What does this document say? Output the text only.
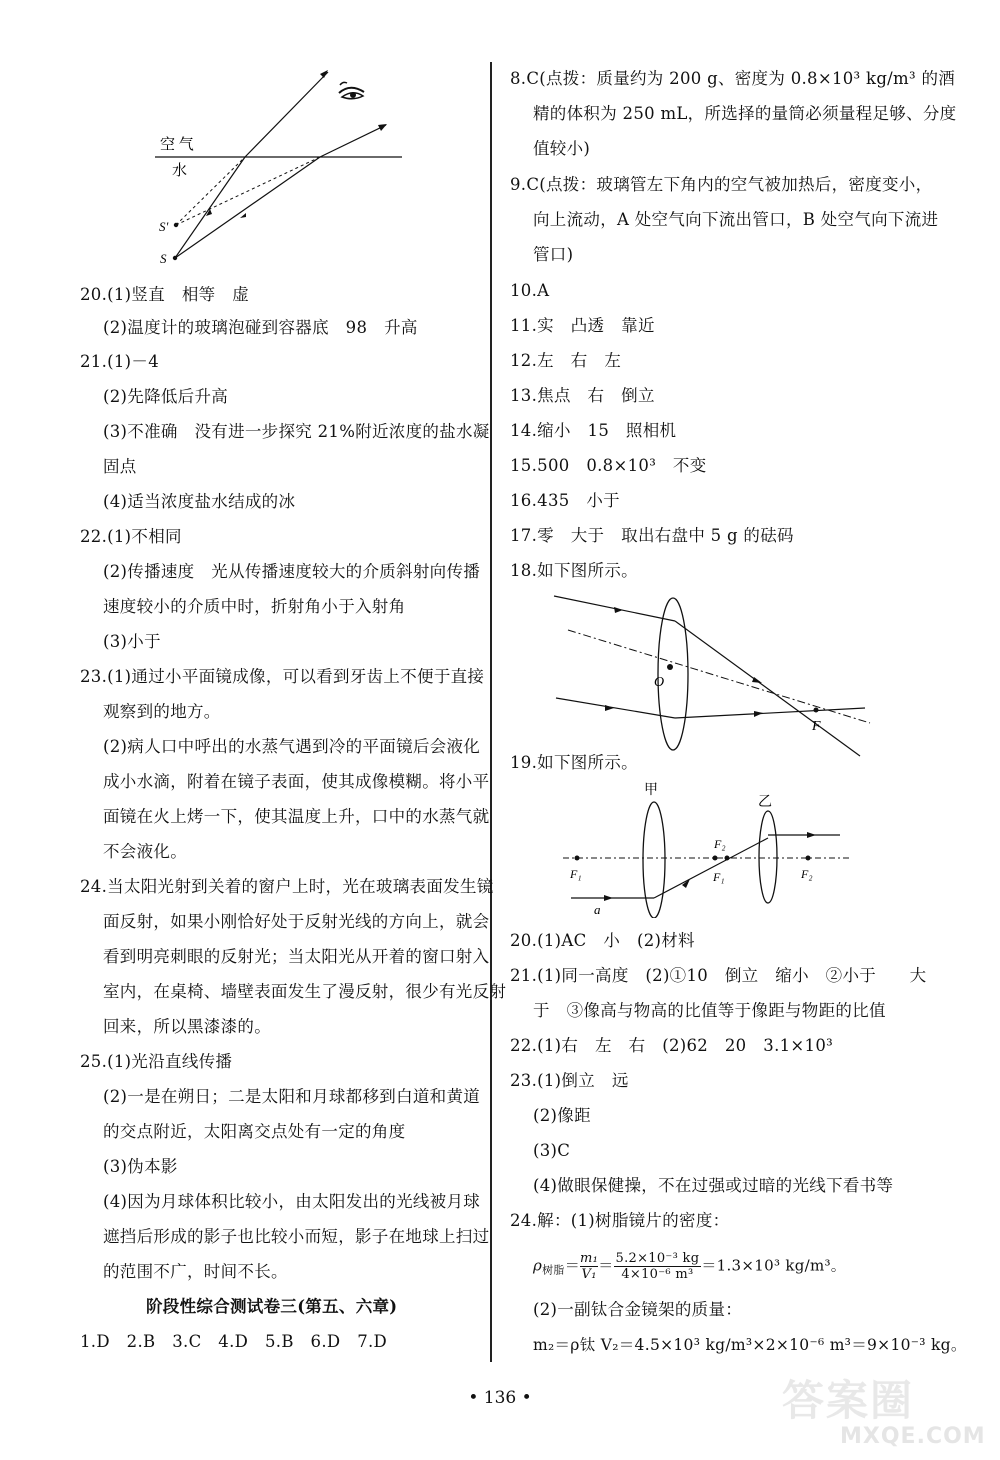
空 气
水
S'
S
20.(1)竖直　相等　虚
(2)温度计的玻璃泡碰到容器底　98　升高
21.(1)－4
(2)先降低后升高
(3)不准确　没有进一步探究 21%附近浓度的盐水凝
固点
(4)适当浓度盐水结成的冰
22.(1)不相同
(2)传播速度　光从传播速度较大的介质斜射向传播
速度较小的介质中时，折射角小于入射角
(3)小于
23.(1)通过小平面镜成像，可以看到牙齿上不便于直接
观察到的地方。
(2)病人口中呼出的水蒸气遇到冷的平面镜后会液化
成小水滴，附着在镜子表面，使其成像模糊。将小平
面镜在火上烤一下，使其温度上升，口中的水蒸气就
不会液化。
24.当太阳光射到关着的窗户上时，光在玻璃表面发生镜
面反射，如果小刚恰好处于反射光线的方向上，就会
看到明亮刺眼的反射光；当太阳光从开着的窗口射入
室内，在桌椅、墙壁表面发生了漫反射，很少有光反射
回来，所以黑漆漆的。
25.(1)光沿直线传播
(2)一是在朔日；二是太阳和月球都移到白道和黄道
的交点附近，太阳离交点处有一定的角度
(3)伪本影
(4)因为月球体积比较小，由太阳发出的光线被月球
遮挡后形成的影子也比较小而短，影子在地球上扫过
的范围不广，时间不长。
阶段性综合测试卷三(第五、六章)
1.D　2.B　3.C　4.D　5.B　6.D　7.D
8.C(点拨：质量约为 200 g、密度为 0.8×10³ kg/m³ 的酒
精的体积为 250 mL，所选择的量筒必须量程足够、分度
值较小)
9.C(点拨：玻璃管左下角内的空气被加热后，密度变小，
向上流动，A 处空气向下流出管口，B 处空气向下流进
管口)
10.A
11.实　凸透　靠近
12.左　右　左
13.焦点　右　倒立
14.缩小　15　照相机
15.500　0.8×10³　不变
16.435　小于
17.零　大于　取出右盘中 5 g 的砝码
18.如下图所示。
O
F
19.如下图所示。
甲
乙
F₁
F₂
F₁	F₂
a
20.(1)AC　小　(2)材料
21.(1)同一高度　(2)①10　倒立　缩小　②小于　　大
于　③像高与物高的比值等于像距与物距的比值
22.(1)右　左　右　(2)62　20　3.1×10³
23.(1)倒立　远
(2)像距
(3)C
(4)做眼保健操，不在过强或过暗的光线下看书等
24.解：(1)树脂镜片的密度：
$\rho_{树脂}= \frac{\text{m₁}}{\text{V₁}} = \frac{\text{5.2×10⁻³ kg}}{\text{4×10⁻⁶ m³}} =1.3\times 10^3$ kg/m³。
(2)一副钛合金镜架的质量：
m₂＝ρ钛 V₂＝4.5×10³ kg/m³×2×10⁻⁶ m³＝9×10⁻³ kg。
• 136 •	答案圈
MXQE.COM
